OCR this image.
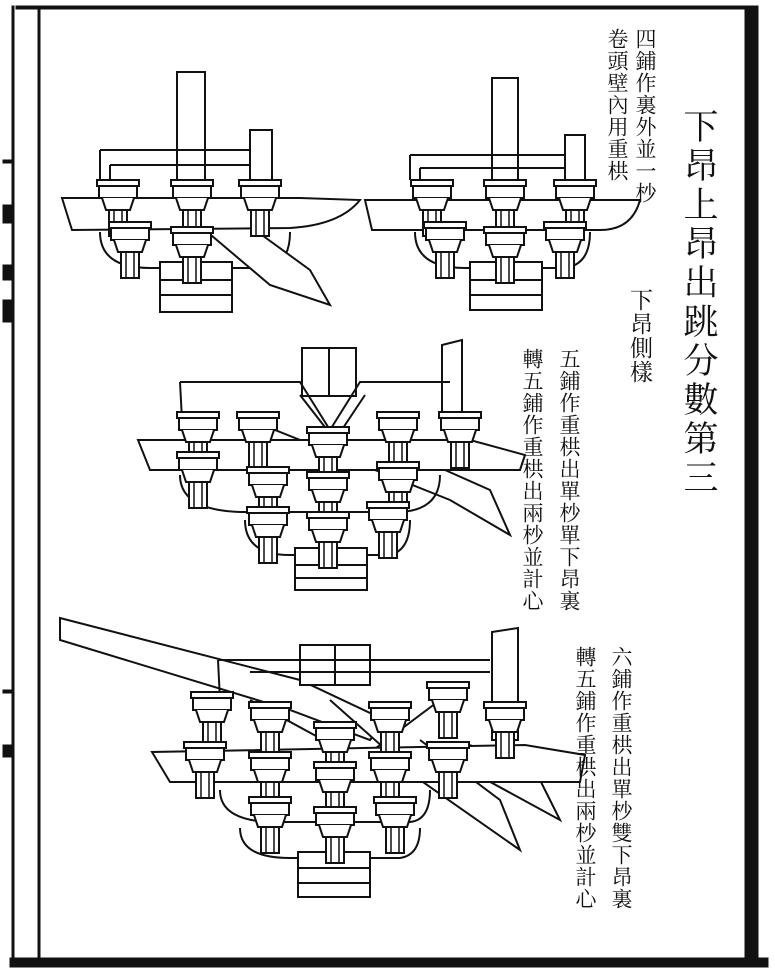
下昂上昂出跳分數第三
下昂側樣
四鋪作裏外並一杪
卷頭壁內用重栱
五鋪作重栱出單杪單下昂裏
轉五鋪作重栱出兩杪並計心
六鋪作重栱出單杪雙下昂裏
轉五鋪作重栱出兩杪並計心
